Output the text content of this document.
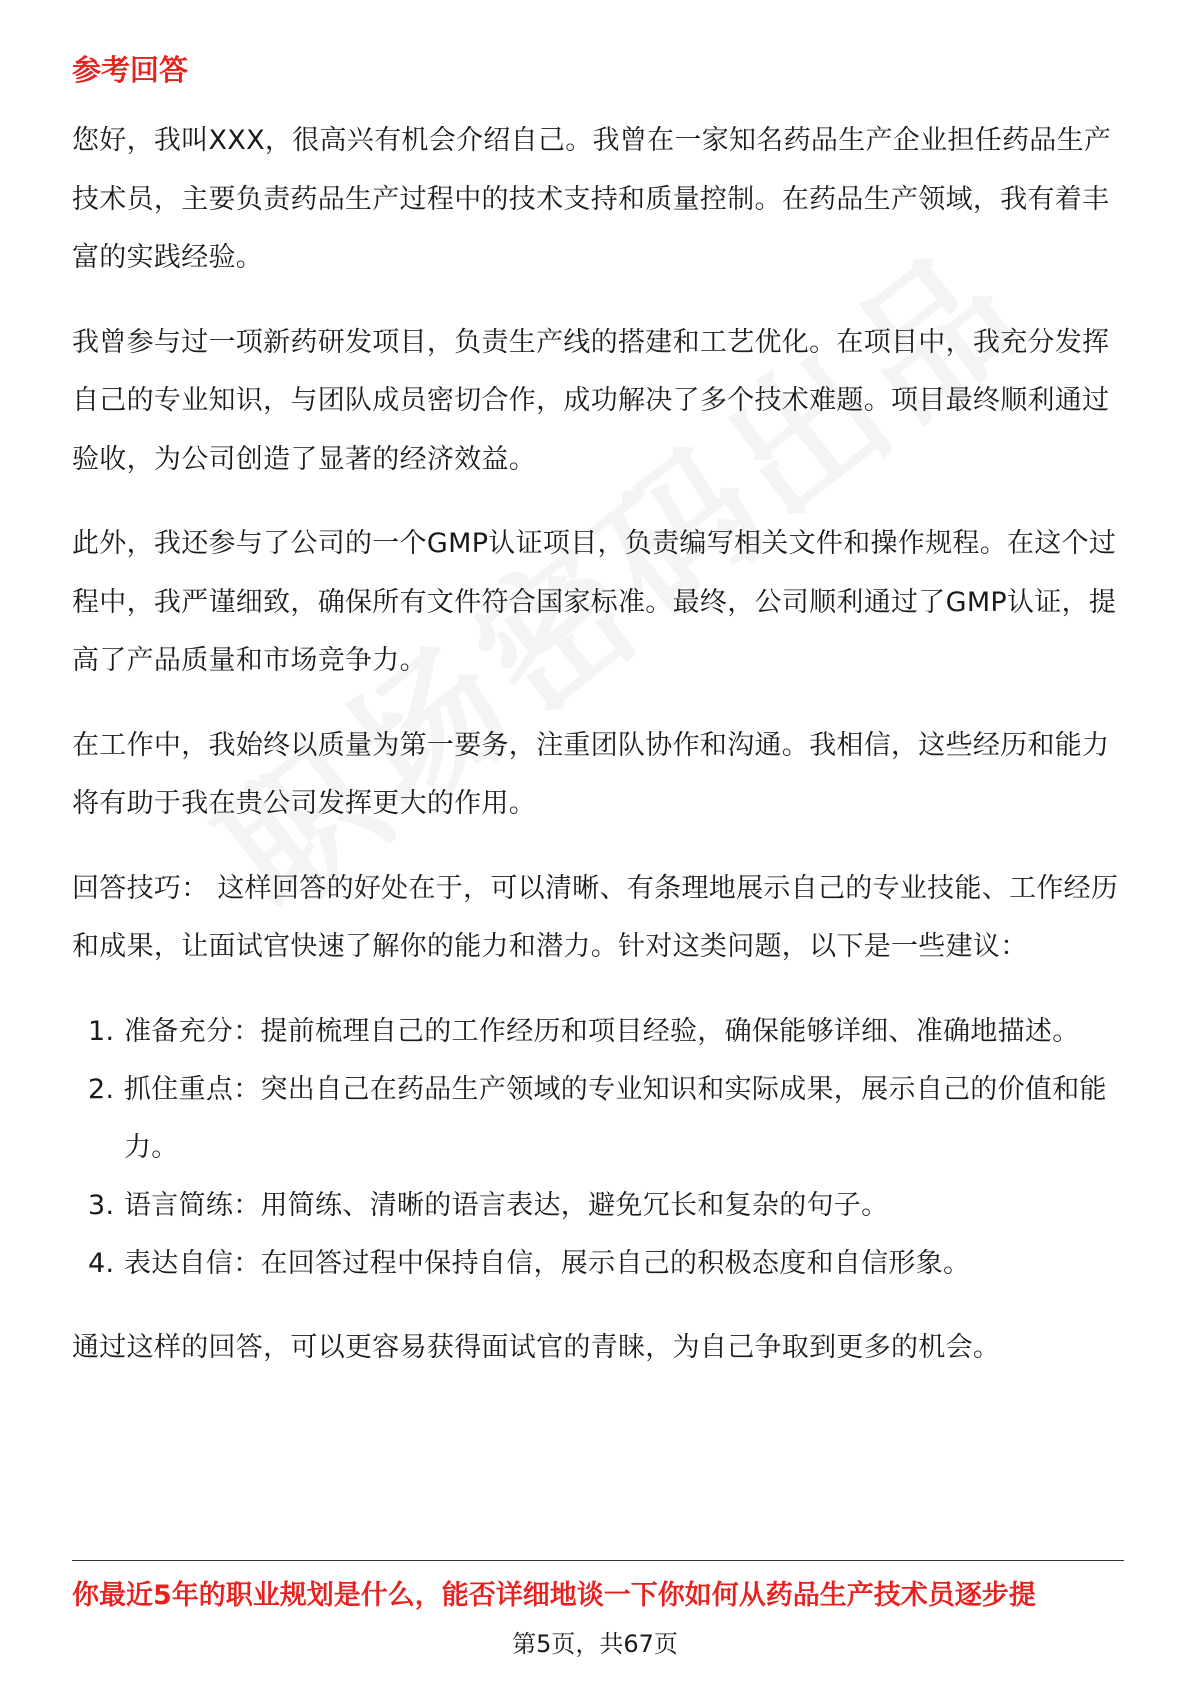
参考回答

您好，我叫XXX，很高兴有机会介绍自己。我曾在一家知名药品生产企业担任药品生产技术员，主要负责药品生产过程中的技术支持和质量控制。在药品生产领域，我有着丰富的实践经验。

我曾参与过一项新药研发项目，负责生产线的搭建和工艺优化。在项目中，我充分发挥自己的专业知识，与团队成员密切合作，成功解决了多个技术难题。项目最终顺利通过验收，为公司创造了显著的经济效益。

此外，我还参与了公司的一个GMP认证项目，负责编写相关文件和操作规程。在这个过程中，我严谨细致，确保所有文件符合国家标准。最终，公司顺利通过了GMP认证，提高了产品质量和市场竞争力。

在工作中，我始终以质量为第一要务，注重团队协作和沟通。我相信，这些经历和能力将有助于我在贵公司发挥更大的作用。

回答技巧： 这样回答的好处在于，可以清晰、有条理地展示自己的专业技能、工作经历和成果，让面试官快速了解你的能力和潜力。针对这类问题，以下是一些建议：

1. 准备充分：提前梳理自己的工作经历和项目经验，确保能够详细、准确地描述。
2. 抓住重点：突出自己在药品生产领域的专业知识和实际成果，展示自己的价值和能力。
3. 语言简练：用简练、清晰的语言表达，避免冗长和复杂的句子。
4. 表达自信：在回答过程中保持自信，展示自己的积极态度和自信形象。

通过这样的回答，可以更容易获得面试官的青睐，为自己争取到更多的机会。

你最近5年的职业规划是什么，能否详细地谈一下你如何从药品生产技术员逐步提
第5页，共67页
